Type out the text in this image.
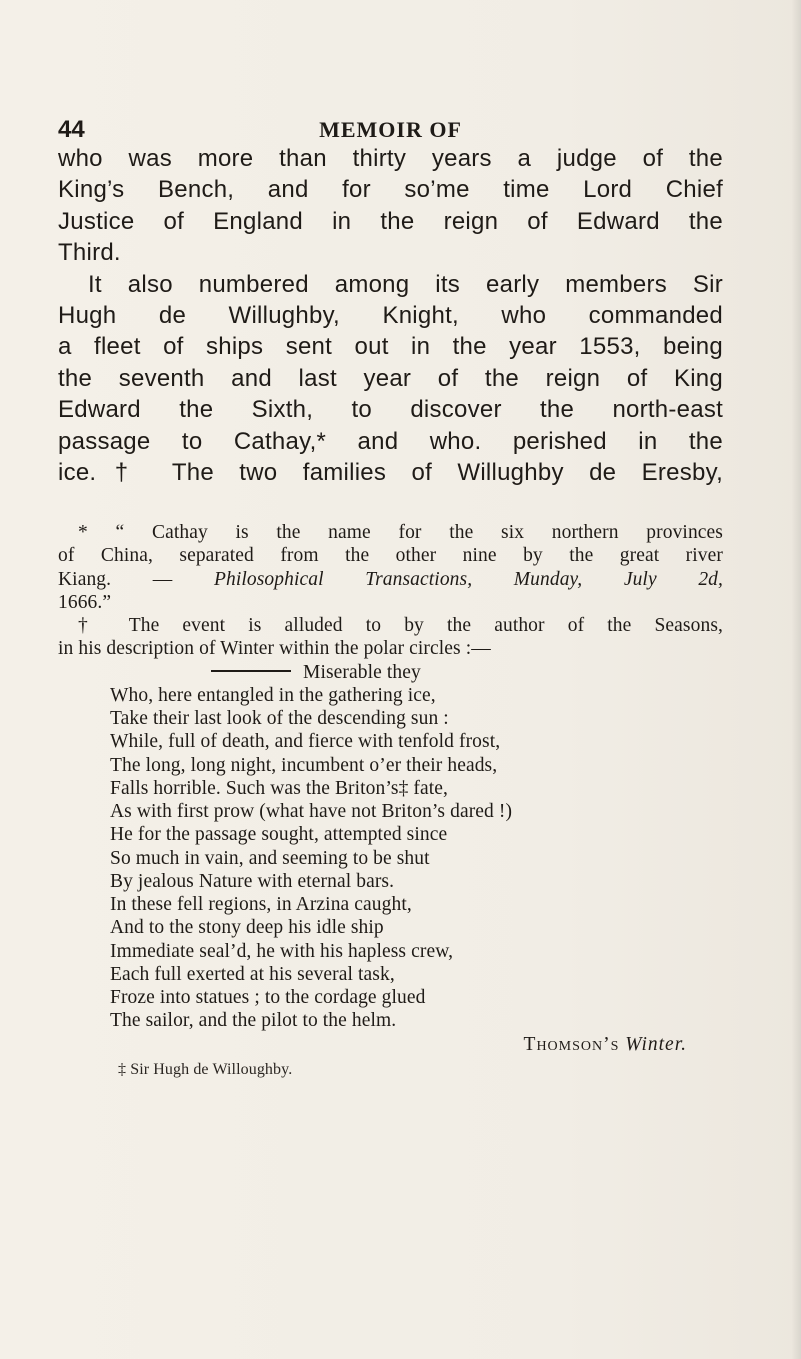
44	MEMOIR OF
who was more than thirty years a judge of the
King’s Bench, and for so’me time Lord Chief
Justice of England in the reign of Edward the
Third.
It also numbered among its early members Sir
Hugh de Willughby, Knight, who commanded
a fleet of ships sent out in the year 1553, being
the seventh and last year of the reign of King
Edward the Sixth, to discover the north-east
passage to Cathay,* and who. perished in the
ice.† The two families of Willughby de Eresby,
* “ Cathay is the name for the six northern provinces
of China, separated from the other nine by the great river
Kiang. — Philosophical Transactions, Munday, July 2d,
1666.”
† The event is alluded to by the author of the Seasons,
in his description of Winter within the polar circles :—
Miserable they
Who, here entangled in the gathering ice,
Take their last look of the descending sun :
While, full of death, and fierce with tenfold frost,
The long, long night, incumbent o’er their heads,
Falls horrible. Such was the Briton’s‡ fate,
As with first prow (what have not Briton’s dared !)
He for the passage sought, attempted since
So much in vain, and seeming to be shut
By jealous Nature with eternal bars.
In these fell regions, in Arzina caught,
And to the stony deep his idle ship
Immediate seal’d, he with his hapless crew,
Each full exerted at his several task,
Froze into statues ; to the cordage glued
The sailor, and the pilot to the helm.
Thomson’s Winter.
‡ Sir Hugh de Willoughby.
